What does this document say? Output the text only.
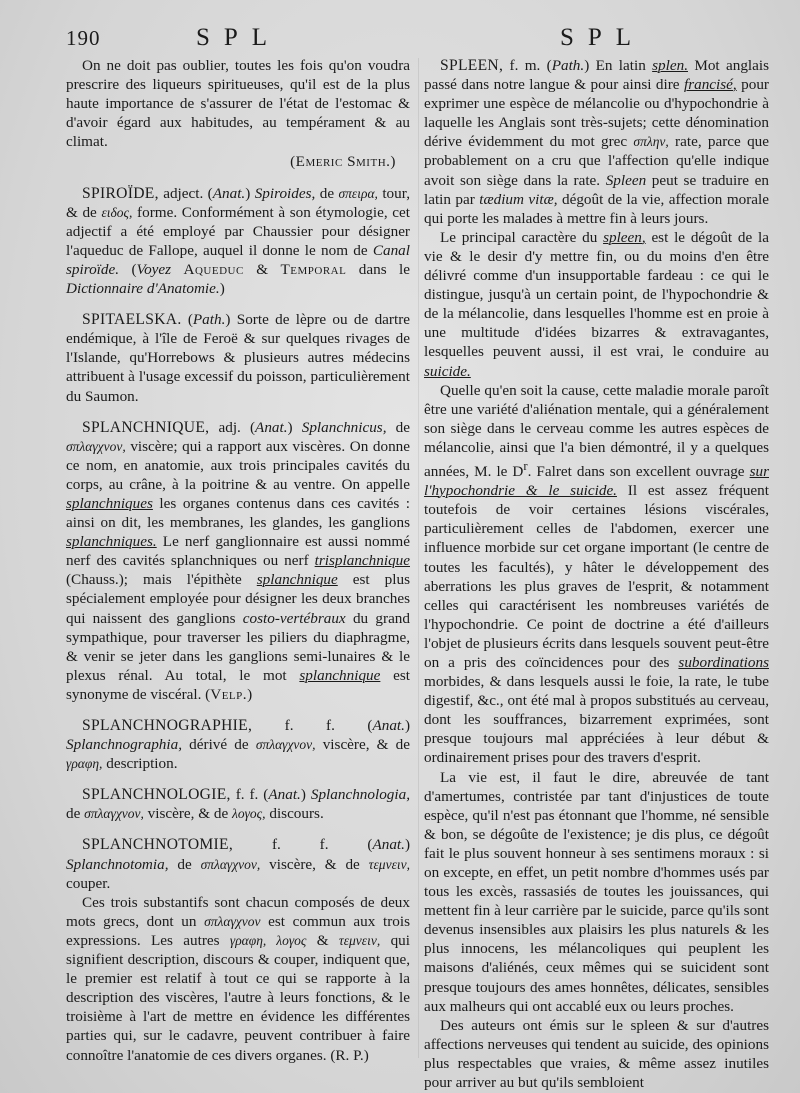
190	SPL	SPL

On ne doit pas oublier, toutes les fois qu'on voudra prescrire des liqueurs spiritueuses, qu'il est de la plus haute importance de s'assurer de l'état de l'estomac & d'avoir égard aux habitudes, au tempérament & au climat.

(Emeric Smith.)

SPIROÏDE, adject. (Anat.) Spiroides, de σπειρα, tour, & de ειδος, forme. Conformément à son étymologie, cet adjectif a été employé par Chaussier pour désigner l'aqueduc de Fallope, auquel il donne le nom de Canal spiroïde. (Voyez Aqueduc & Temporal dans le Dictionnaire d'Anatomie.)

SPITAELSKA. (Path.) Sorte de lèpre ou de dartre endémique, à l'île de Feroë & sur quelques rivages de l'Islande, qu'Horrebows & plusieurs autres médecins attribuent à l'usage excessif du poisson, particulièrement du Saumon.

SPLANCHNIQUE, adj. (Anat.) Splanchnicus, de σπλαγχνον, viscère; qui a rapport aux viscères. On donne ce nom, en anatomie, aux trois principales cavités du corps, au crâne, à la poitrine & au ventre. On appelle splanchniques les organes contenus dans ces cavités : ainsi on dit, les membranes, les glandes, les ganglions splanchniques. Le nerf ganglionnaire est aussi nommé nerf des cavités splanchniques ou nerf trisplanchnique (Chauss.); mais l'épithète splanchnique est plus spécialement employée pour désigner les deux branches qui naissent des ganglions costo-vertébraux du grand sympathique, pour traverser les piliers du diaphragme, & venir se jeter dans les ganglions semi-lunaires & le plexus rénal. Au total, le mot splanchnique est synonyme de viscéral. (Velp.)

SPLANCHNOGRAPHIE, f. f. (Anat.) Splanchnographia, dérivé de σπλαγχνον, viscère, & de γραφη, description.

SPLANCHNOLOGIE, f. f. (Anat.) Splanchnologia, de σπλαγχνον, viscère, & de λογος, discours.

SPLANCHNOTOMIE, f. f. (Anat.) Splanchnotomia, de σπλαγχνον, viscère, & de τεμνειν, couper.

Ces trois substantifs sont chacun composés de deux mots grecs, dont un σπλαγχνον est commun aux trois expressions. Les autres γραφη, λογος & τεμνειν, qui signifient description, discours & couper, indiquent que, le premier est relatif à tout ce qui se rapporte à la description des viscères, l'autre à leurs fonctions, & le troisième à l'art de mettre en évidence les différentes parties qui, sur le cadavre, peuvent contribuer à faire connoître l'anatomie de ces divers organes. (R. P.)

SPLEEN, f. m. (Path.) En latin splen. Mot anglais passé dans notre langue & pour ainsi dire francisé, pour exprimer une espèce de mélancolie ou d'hypochondrie à laquelle les Anglais sont très-sujets; cette dénomination dérive évidemment du mot grec σπλην, rate, parce que probablement on a cru que l'affection qu'elle indique avoit son siège dans la rate. Spleen peut se traduire en latin par tædium vitæ, dégoût de la vie, affection morale qui porte les malades à mettre fin à leurs jours.

Le principal caractère du spleen, est le dégoût de la vie & le desir d'y mettre fin, ou du moins d'en être délivré comme d'un insupportable fardeau : ce qui le distingue, jusqu'à un certain point, de l'hypochondrie & de la mélancolie, dans lesquelles l'homme est en proie à une multitude d'idées bizarres & extravagantes, lesquelles peuvent aussi, il est vrai, le conduire au suicide.

Quelle qu'en soit la cause, cette maladie morale paroît être une variété d'aliénation mentale, qui a généralement son siège dans le cerveau comme les autres espèces de mélancolie, ainsi que l'a bien démontré, il y a quelques années, M. le $D^r$. Falret dans son excellent ouvrage sur l'hypochondrie & le suicide. Il est assez fréquent toutefois de voir certaines lésions viscérales, particulièrement celles de l'abdomen, exercer une influence morbide sur cet organe important (le centre de toutes les facultés), y hâter le développement des aberrations les plus graves de l'esprit, & notamment celles qui caractérisent les nombreuses variétés de l'hypochondrie. Ce point de doctrine a été d'ailleurs l'objet de plusieurs écrits dans lesquels souvent peut-être on a pris des coïncidences pour des subordinations morbides, & dans lesquels aussi le foie, la rate, le tube digestif, &c., ont été mal à propos substitués au cerveau, dont les souffrances, bizarrement exprimées, sont presque toujours mal appréciées à leur début & ordinairement prises pour des travers d'esprit.

La vie est, il faut le dire, abreuvée de tant d'amertumes, contristée par tant d'injustices de toute espèce, qu'il n'est pas étonnant que l'homme, né sensible & bon, se dégoûte de l'existence; je dis plus, ce dégoût fait le plus souvent honneur à ses sentimens moraux : si on excepte, en effet, un petit nombre d'hommes usés par tous les excès, rassasiés de toutes les jouissances, qui mettent fin à leur carrière par le suicide, parce qu'ils sont devenus insensibles aux plaisirs les plus naturels & les plus innocens, les mélancoliques qui peuplent les maisons d'aliénés, ceux mêmes qui se suicident sont presque toujours des ames honnêtes, délicates, sensibles aux malheurs qui ont accablé eux ou leurs proches.

Des auteurs ont émis sur le spleen & sur d'autres affections nerveuses qui tendent au suicide, des opinions plus respectables que vraies, & même assez inutiles pour arriver au but qu'ils sembloient
